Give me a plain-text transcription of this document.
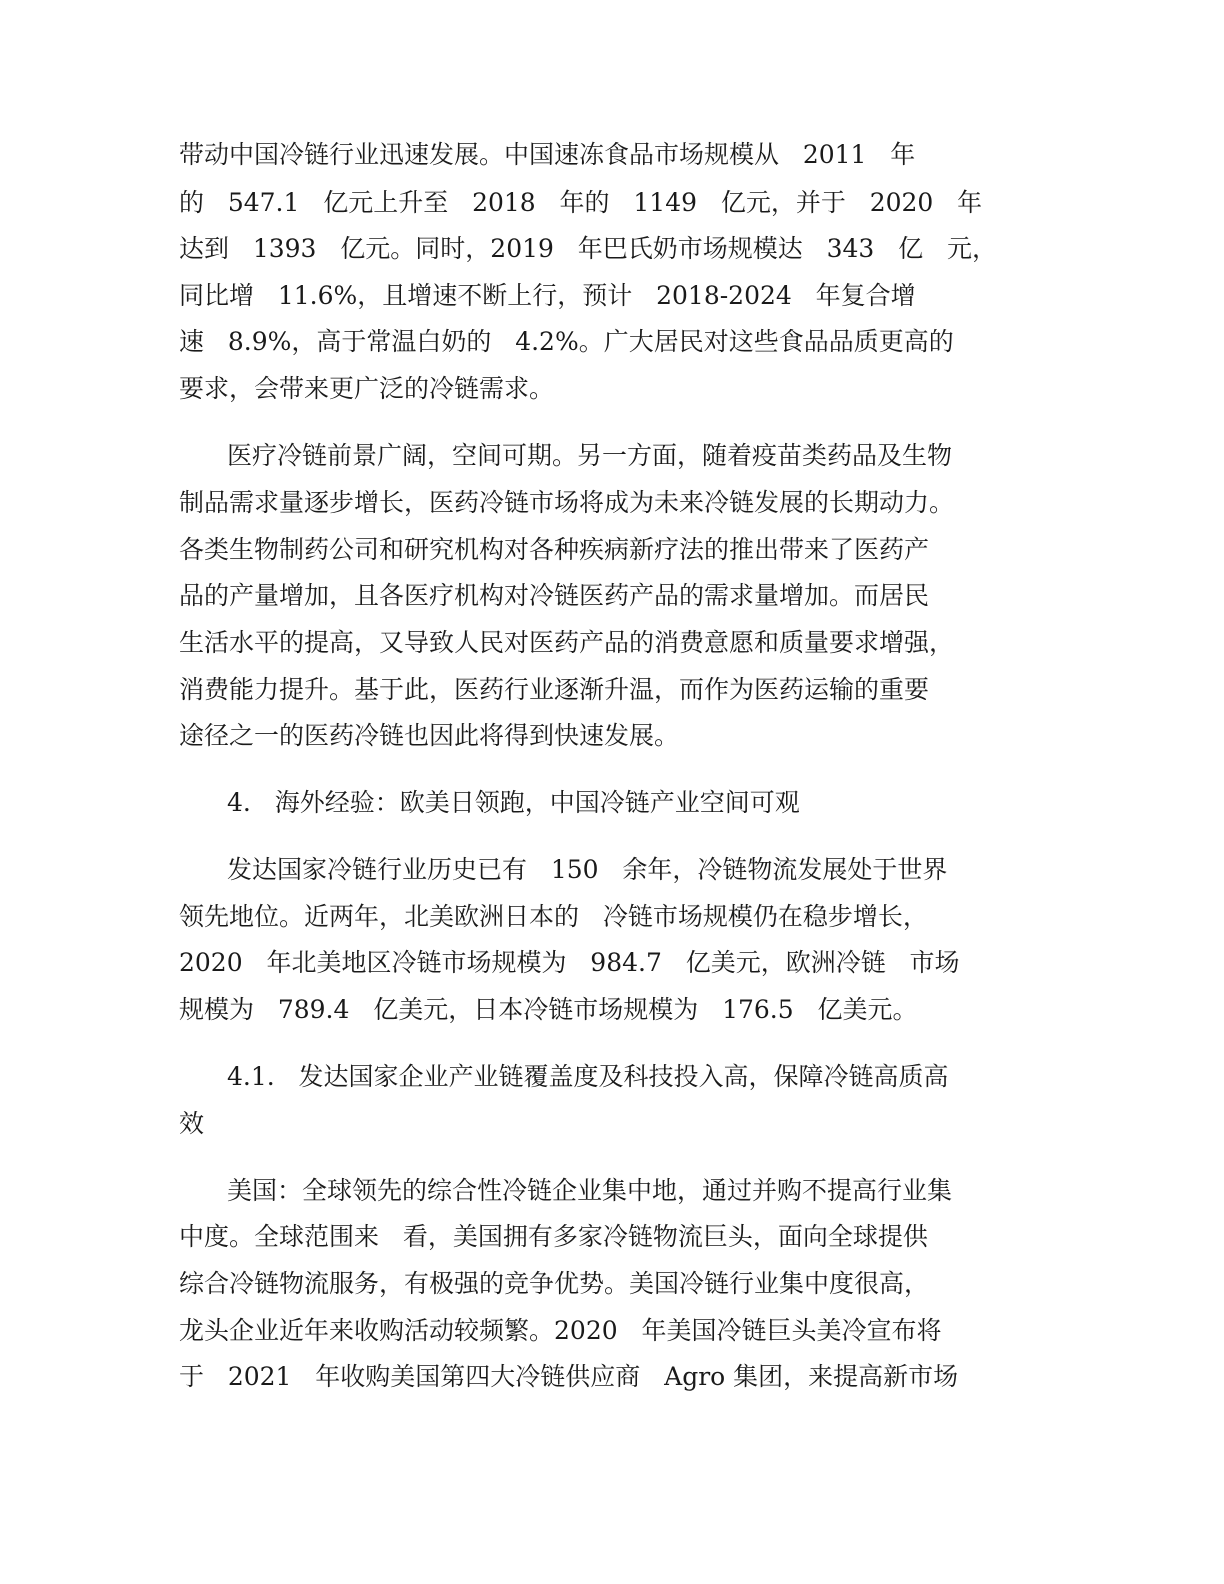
带动中国冷链行业迅速发展。中国速冻食品市场规模从   2011   年

的   547.1   亿元上升至   2018   年的   1149   亿元，并于   2020   年

达到   1393   亿元。同时，2019   年巴氏奶市场规模达   343   亿   元，

同比增   11.6%，且增速不断上行，预计   2018-2024   年复合增

速   8.9%，高于常温白奶的   4.2%。广大居民对这些食品品质更高的

要求，会带来更广泛的冷链需求。

医疗冷链前景广阔，空间可期。另一方面，随着疫苗类药品及生物

制品需求量逐步增长，医药冷链市场将成为未来冷链发展的长期动力。

各类生物制药公司和研究机构对各种疾病新疗法的推出带来了医药产

品的产量增加，且各医疗机构对冷链医药产品的需求量增加。而居民

生活水平的提高，又导致人民对医药产品的消费意愿和质量要求增强，

消费能力提升。基于此，医药行业逐渐升温，而作为医药运输的重要

途径之一的医药冷链也因此将得到快速发展。

4.   海外经验：欧美日领跑，中国冷链产业空间可观

发达国家冷链行业历史已有   150   余年，冷链物流发展处于世界

领先地位。近两年，北美欧洲日本的   冷链市场规模仍在稳步增长，

2020   年北美地区冷链市场规模为   984.7   亿美元，欧洲冷链   市场

规模为   789.4   亿美元，日本冷链市场规模为   176.5   亿美元。

4.1.   发达国家企业产业链覆盖度及科技投入高，保障冷链高质高

效

美国：全球领先的综合性冷链企业集中地，通过并购不提高行业集

中度。全球范围来   看，美国拥有多家冷链物流巨头，面向全球提供

综合冷链物流服务，有极强的竞争优势。美国冷链行业集中度很高，

龙头企业近年来收购活动较频繁。2020   年美国冷链巨头美冷宣布将

于   2021   年收购美国第四大冷链供应商   Agro 集团，来提高新市场
